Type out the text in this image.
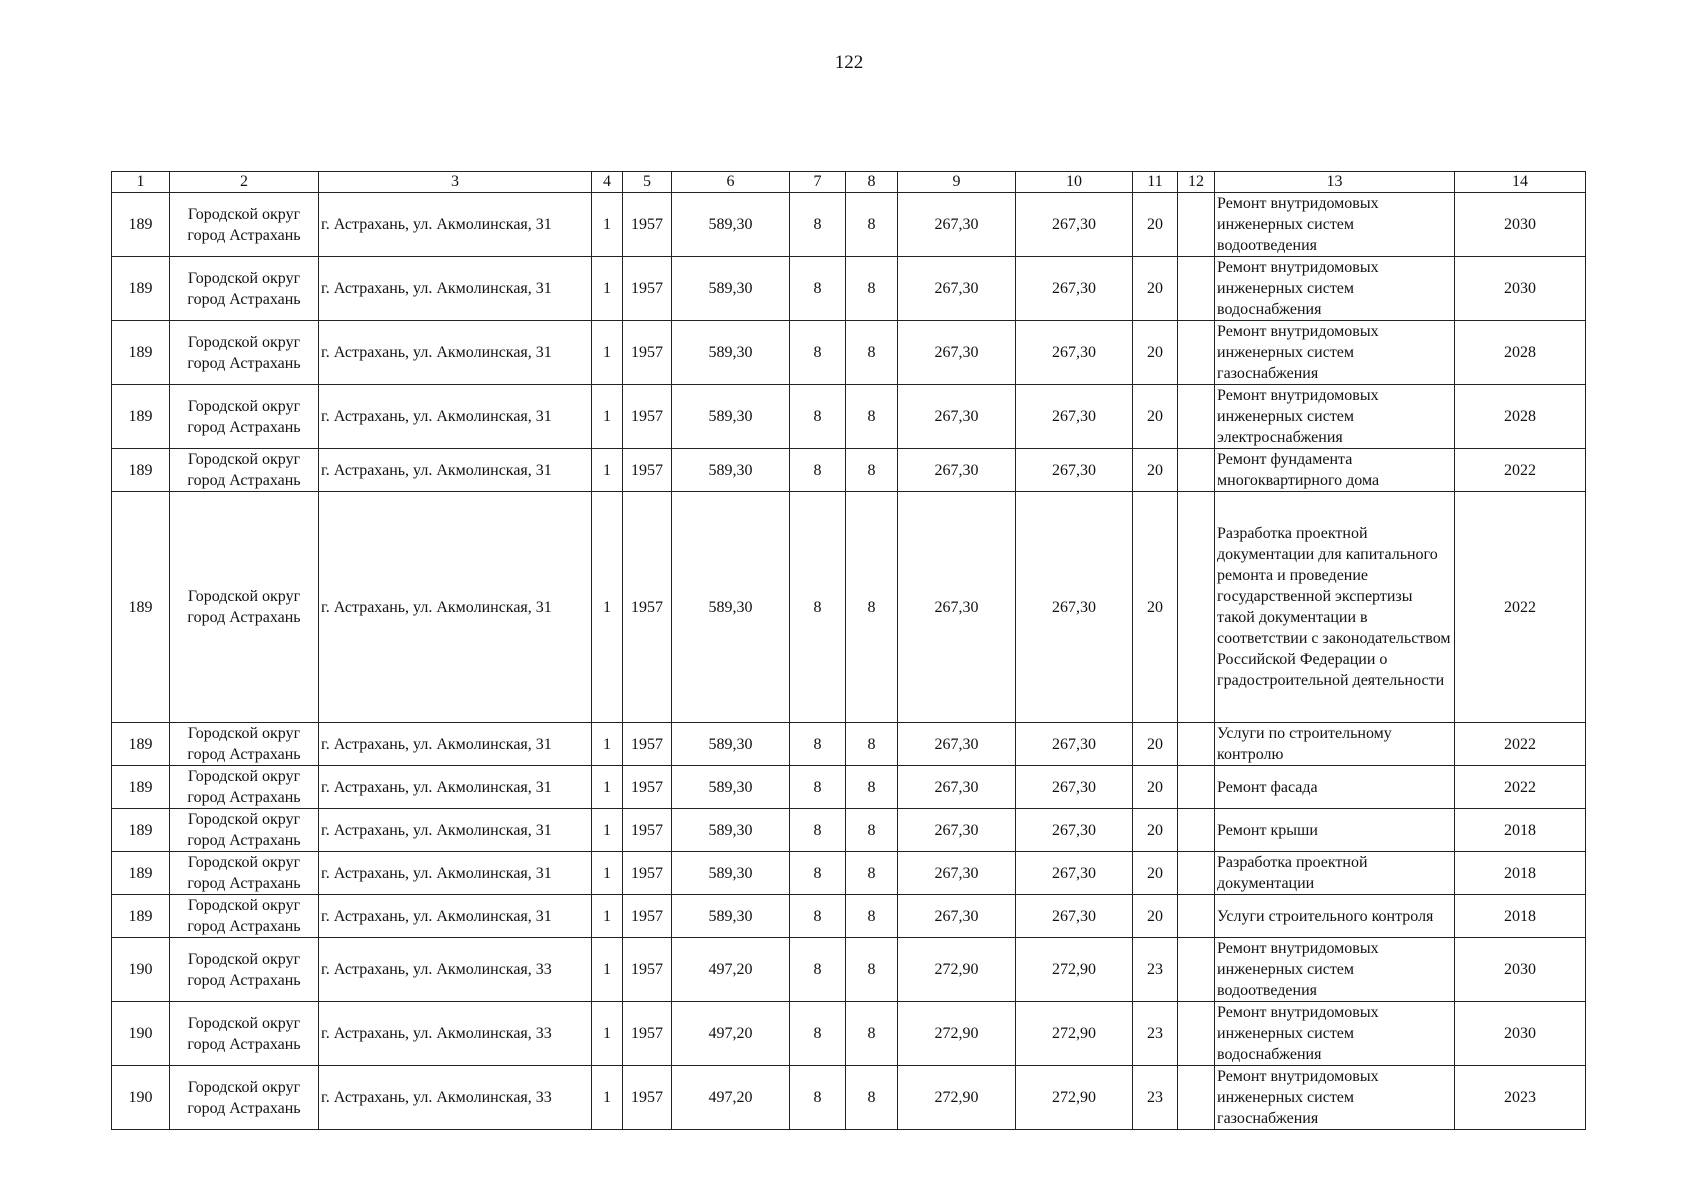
122
1	2	3	4	5	6	7	8	9	10	11	12	13	14
189	Городской округ город Астрахань	г. Астрахань, ул. Акмолинская, 31	1	1957	589,30	8	8	267,30	267,30	20		Ремонт внутридомовых инженерных систем водоотведения	2030
189	Городской округ город Астрахань	г. Астрахань, ул. Акмолинская, 31	1	1957	589,30	8	8	267,30	267,30	20		Ремонт внутридомовых инженерных систем водоснабжения	2030
189	Городской округ город Астрахань	г. Астрахань, ул. Акмолинская, 31	1	1957	589,30	8	8	267,30	267,30	20		Ремонт внутридомовых инженерных систем газоснабжения	2028
189	Городской округ город Астрахань	г. Астрахань, ул. Акмолинская, 31	1	1957	589,30	8	8	267,30	267,30	20		Ремонт внутридомовых инженерных систем электроснабжения	2028
189	Городской округ город Астрахань	г. Астрахань, ул. Акмолинская, 31	1	1957	589,30	8	8	267,30	267,30	20		Ремонт фундамента многоквартирного дома	2022
189	Городской округ город Астрахань	г. Астрахань, ул. Акмолинская, 31	1	1957	589,30	8	8	267,30	267,30	20		Разработка проектной документации для капитального ремонта и проведение государственной экспертизы такой документации в соответствии с законодательством Российской Федерации о градостроительной деятельности	2022
189	Городской округ город Астрахань	г. Астрахань, ул. Акмолинская, 31	1	1957	589,30	8	8	267,30	267,30	20		Услуги по строительному контролю	2022
189	Городской округ город Астрахань	г. Астрахань, ул. Акмолинская, 31	1	1957	589,30	8	8	267,30	267,30	20		Ремонт фасада	2022
189	Городской округ город Астрахань	г. Астрахань, ул. Акмолинская, 31	1	1957	589,30	8	8	267,30	267,30	20		Ремонт крыши	2018
189	Городской округ город Астрахань	г. Астрахань, ул. Акмолинская, 31	1	1957	589,30	8	8	267,30	267,30	20		Разработка проектной документации	2018
189	Городской округ город Астрахань	г. Астрахань, ул. Акмолинская, 31	1	1957	589,30	8	8	267,30	267,30	20		Услуги строительного контроля	2018
190	Городской округ город Астрахань	г. Астрахань, ул. Акмолинская, 33	1	1957	497,20	8	8	272,90	272,90	23		Ремонт внутридомовых инженерных систем водоотведения	2030
190	Городской округ город Астрахань	г. Астрахань, ул. Акмолинская, 33	1	1957	497,20	8	8	272,90	272,90	23		Ремонт внутридомовых инженерных систем водоснабжения	2030
190	Городской округ город Астрахань	г. Астрахань, ул. Акмолинская, 33	1	1957	497,20	8	8	272,90	272,90	23		Ремонт внутридомовых инженерных систем газоснабжения	2023
